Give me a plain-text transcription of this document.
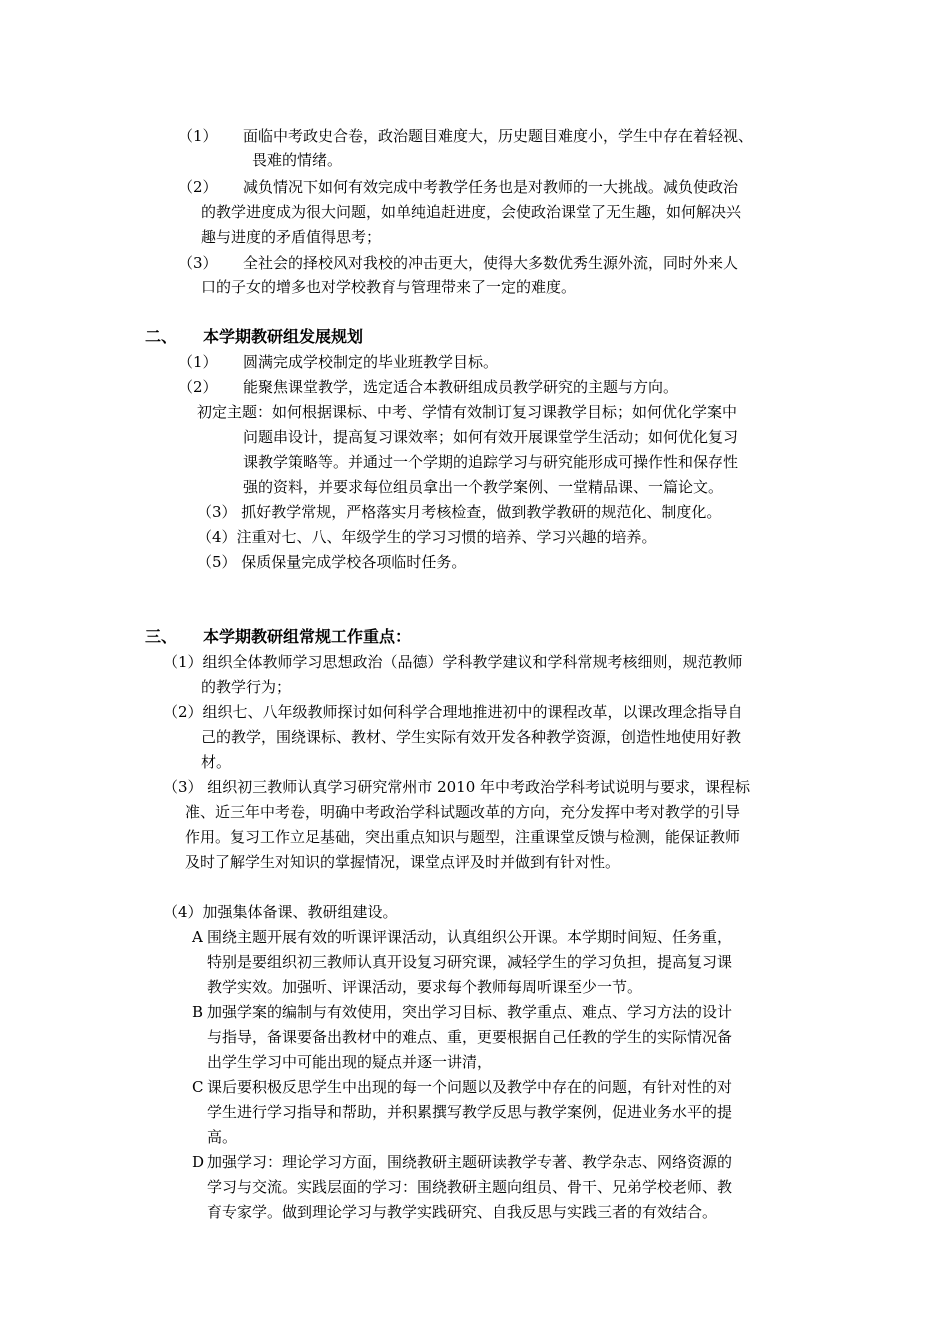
（1） 面临中考政史合卷，政治题目难度大，历史题目难度小，学生中存在着轻视、
畏难的情绪。
（2） 减负情况下如何有效完成中考教学任务也是对教师的一大挑战。减负使政治
的教学进度成为很大问题，如单纯追赶进度，会使政治课堂了无生趣，如何解决兴
趣与进度的矛盾值得思考；
（3） 全社会的择校风对我校的冲击更大，使得大多数优秀生源外流，同时外来人
口的子女的增多也对学校教育与管理带来了一定的难度。
二、 本学期教研组发展规划
（1） 圆满完成学校制定的毕业班教学目标。
（2） 能聚焦课堂教学，选定适合本教研组成员教学研究的主题与方向。
初定主题：如何根据课标、中考、学情有效制订复习课教学目标；如何优化学案中
问题串设计，提高复习课效率；如何有效开展课堂学生活动；如何优化复习
课教学策略等。并通过一个学期的追踪学习与研究能形成可操作性和保存性
强的资料，并要求每位组员拿出一个教学案例、一堂精品课、一篇论文。
（3） 抓好教学常规，严格落实月考核检查，做到教学教研的规范化、制度化。
（4）注重对七、八、年级学生的学习习惯的培养、学习兴趣的培养。
（5） 保质保量完成学校各项临时任务。
三、 本学期教研组常规工作重点：
（1）组织全体教师学习思想政治（品德）学科教学建议和学科常规考核细则，规范教师
的教学行为；
（2）组织七、八年级教师探讨如何科学合理地推进初中的课程改革，以课改理念指导自
己的教学，围绕课标、教材、学生实际有效开发各种教学资源，创造性地使用好教
材。
（3） 组织初三教师认真学习研究常州市 2010 年中考政治学科考试说明与要求，课程标
准、近三年中考卷，明确中考政治学科试题改革的方向，充分发挥中考对教学的引导
作用。复习工作立足基础，突出重点知识与题型，注重课堂反馈与检测，能保证教师
及时了解学生对知识的掌握情况，课堂点评及时并做到有针对性。
（4）加强集体备课、教研组建设。
A 围绕主题开展有效的听课评课活动，认真组织公开课。本学期时间短、任务重，
特别是要组织初三教师认真开设复习研究课，减轻学生的学习负担，提高复习课
教学实效。加强听、评课活动，要求每个教师每周听课至少一节。
B 加强学案的编制与有效使用，突出学习目标、教学重点、难点、学习方法的设计
与指导，备课要备出教材中的难点、重，更要根据自己任教的学生的实际情况备
出学生学习中可能出现的疑点并逐一讲清，
C 课后要积极反思学生中出现的每一个问题以及教学中存在的问题，有针对性的对
学生进行学习指导和帮助，并积累撰写教学反思与教学案例，促进业务水平的提
高。
D 加强学习：理论学习方面，围绕教研主题研读教学专著、教学杂志、网络资源的
学习与交流。实践层面的学习：围绕教研主题向组员、骨干、兄弟学校老师、教
育专家学。做到理论学习与教学实践研究、自我反思与实践三者的有效结合。
